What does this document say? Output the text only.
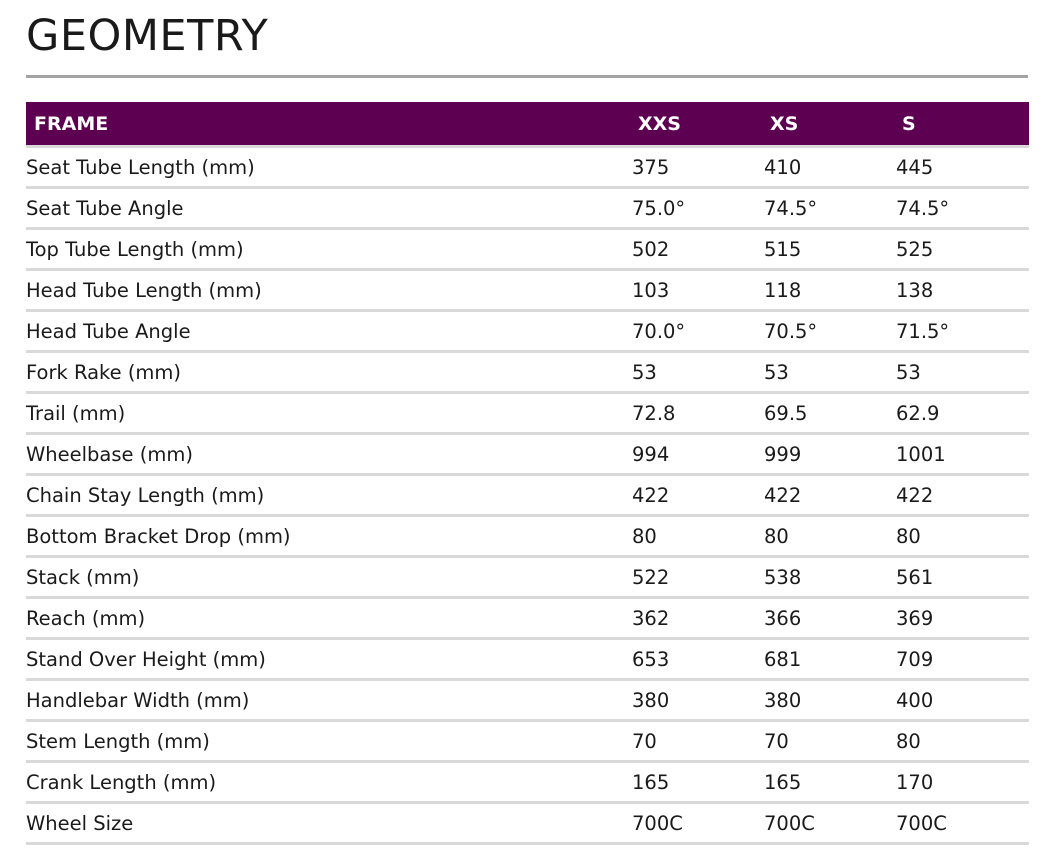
GEOMETRY
FRAME	XXS	XS	S
Seat Tube Length (mm)	375	410	445
Seat Tube Angle	75.0°	74.5°	74.5°
Top Tube Length (mm)	502	515	525
Head Tube Length (mm)	103	118	138
Head Tube Angle	70.0°	70.5°	71.5°
Fork Rake (mm)	53	53	53
Trail (mm)	72.8	69.5	62.9
Wheelbase (mm)	994	999	1001
Chain Stay Length (mm)	422	422	422
Bottom Bracket Drop (mm)	80	80	80
Stack (mm)	522	538	561
Reach (mm)	362	366	369
Stand Over Height (mm)	653	681	709
Handlebar Width (mm)	380	380	400
Stem Length (mm)	70	70	80
Crank Length (mm)	165	165	170
Wheel Size	700C	700C	700C
